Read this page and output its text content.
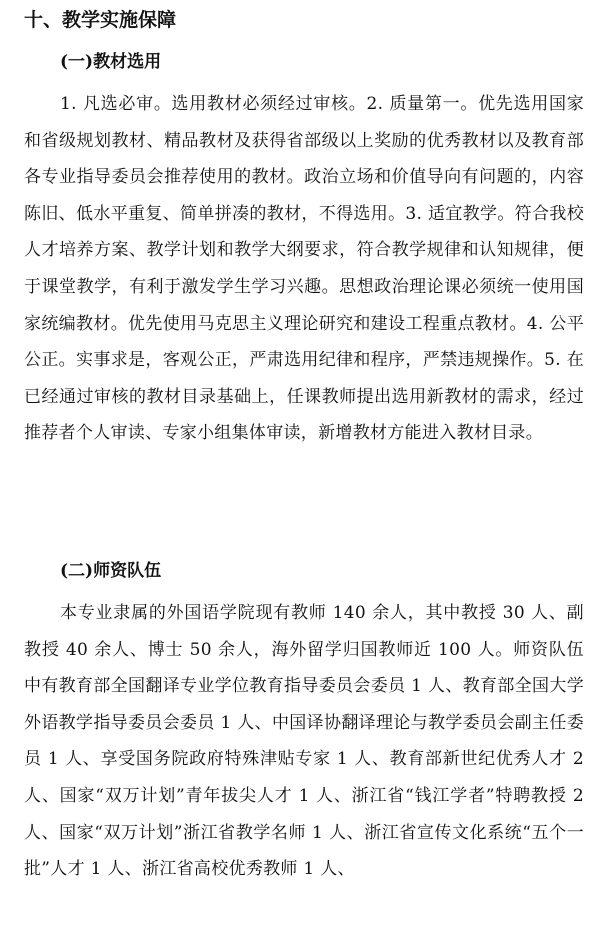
十、教学实施保障
(一)教材选用

1. 凡选必审。选用教材必须经过审核。2. 质量第一。优先选用国家和省级规划教材、精品教材及获得省部级以上奖励的优秀教材以及教育部各专业指导委员会推荐使用的教材。政治立场和价值导向有问题的，内容陈旧、低水平重复、简单拼凑的教材，不得选用。3. 适宜教学。符合我校人才培养方案、教学计划和教学大纲要求，符合教学规律和认知规律，便于课堂教学，有利于激发学生学习兴趣。思想政治理论课必须统一使用国家统编教材。优先使用马克思主义理论研究和建设工程重点教材。4. 公平公正。实事求是，客观公正，严肃选用纪律和程序，严禁违规操作。5. 在已经通过审核的教材目录基础上，任课教师提出选用新教材的需求，经过推荐者个人审读、专家小组集体审读，新增教材方能进入教材目录。

(二)师资队伍

本专业隶属的外国语学院现有教师 140 余人，其中教授 30 人、副教授 40 余人、博士 50 余人，海外留学归国教师近 100 人。师资队伍中有教育部全国翻译专业学位教育指导委员会委员 1 人、教育部全国大学外语教学指导委员会委员 1 人、中国译协翻译理论与教学委员会副主任委员 1 人、享受国务院政府特殊津贴专家 1 人、教育部新世纪优秀人才 2 人、国家“双万计划”青年拔尖人才 1 人、浙江省“钱江学者”特聘教授 2 人、国家“双万计划”浙江省教学名师 1 人、浙江省宣传文化系统“五个一批”人才 1 人、浙江省高校优秀教师 1 人、
